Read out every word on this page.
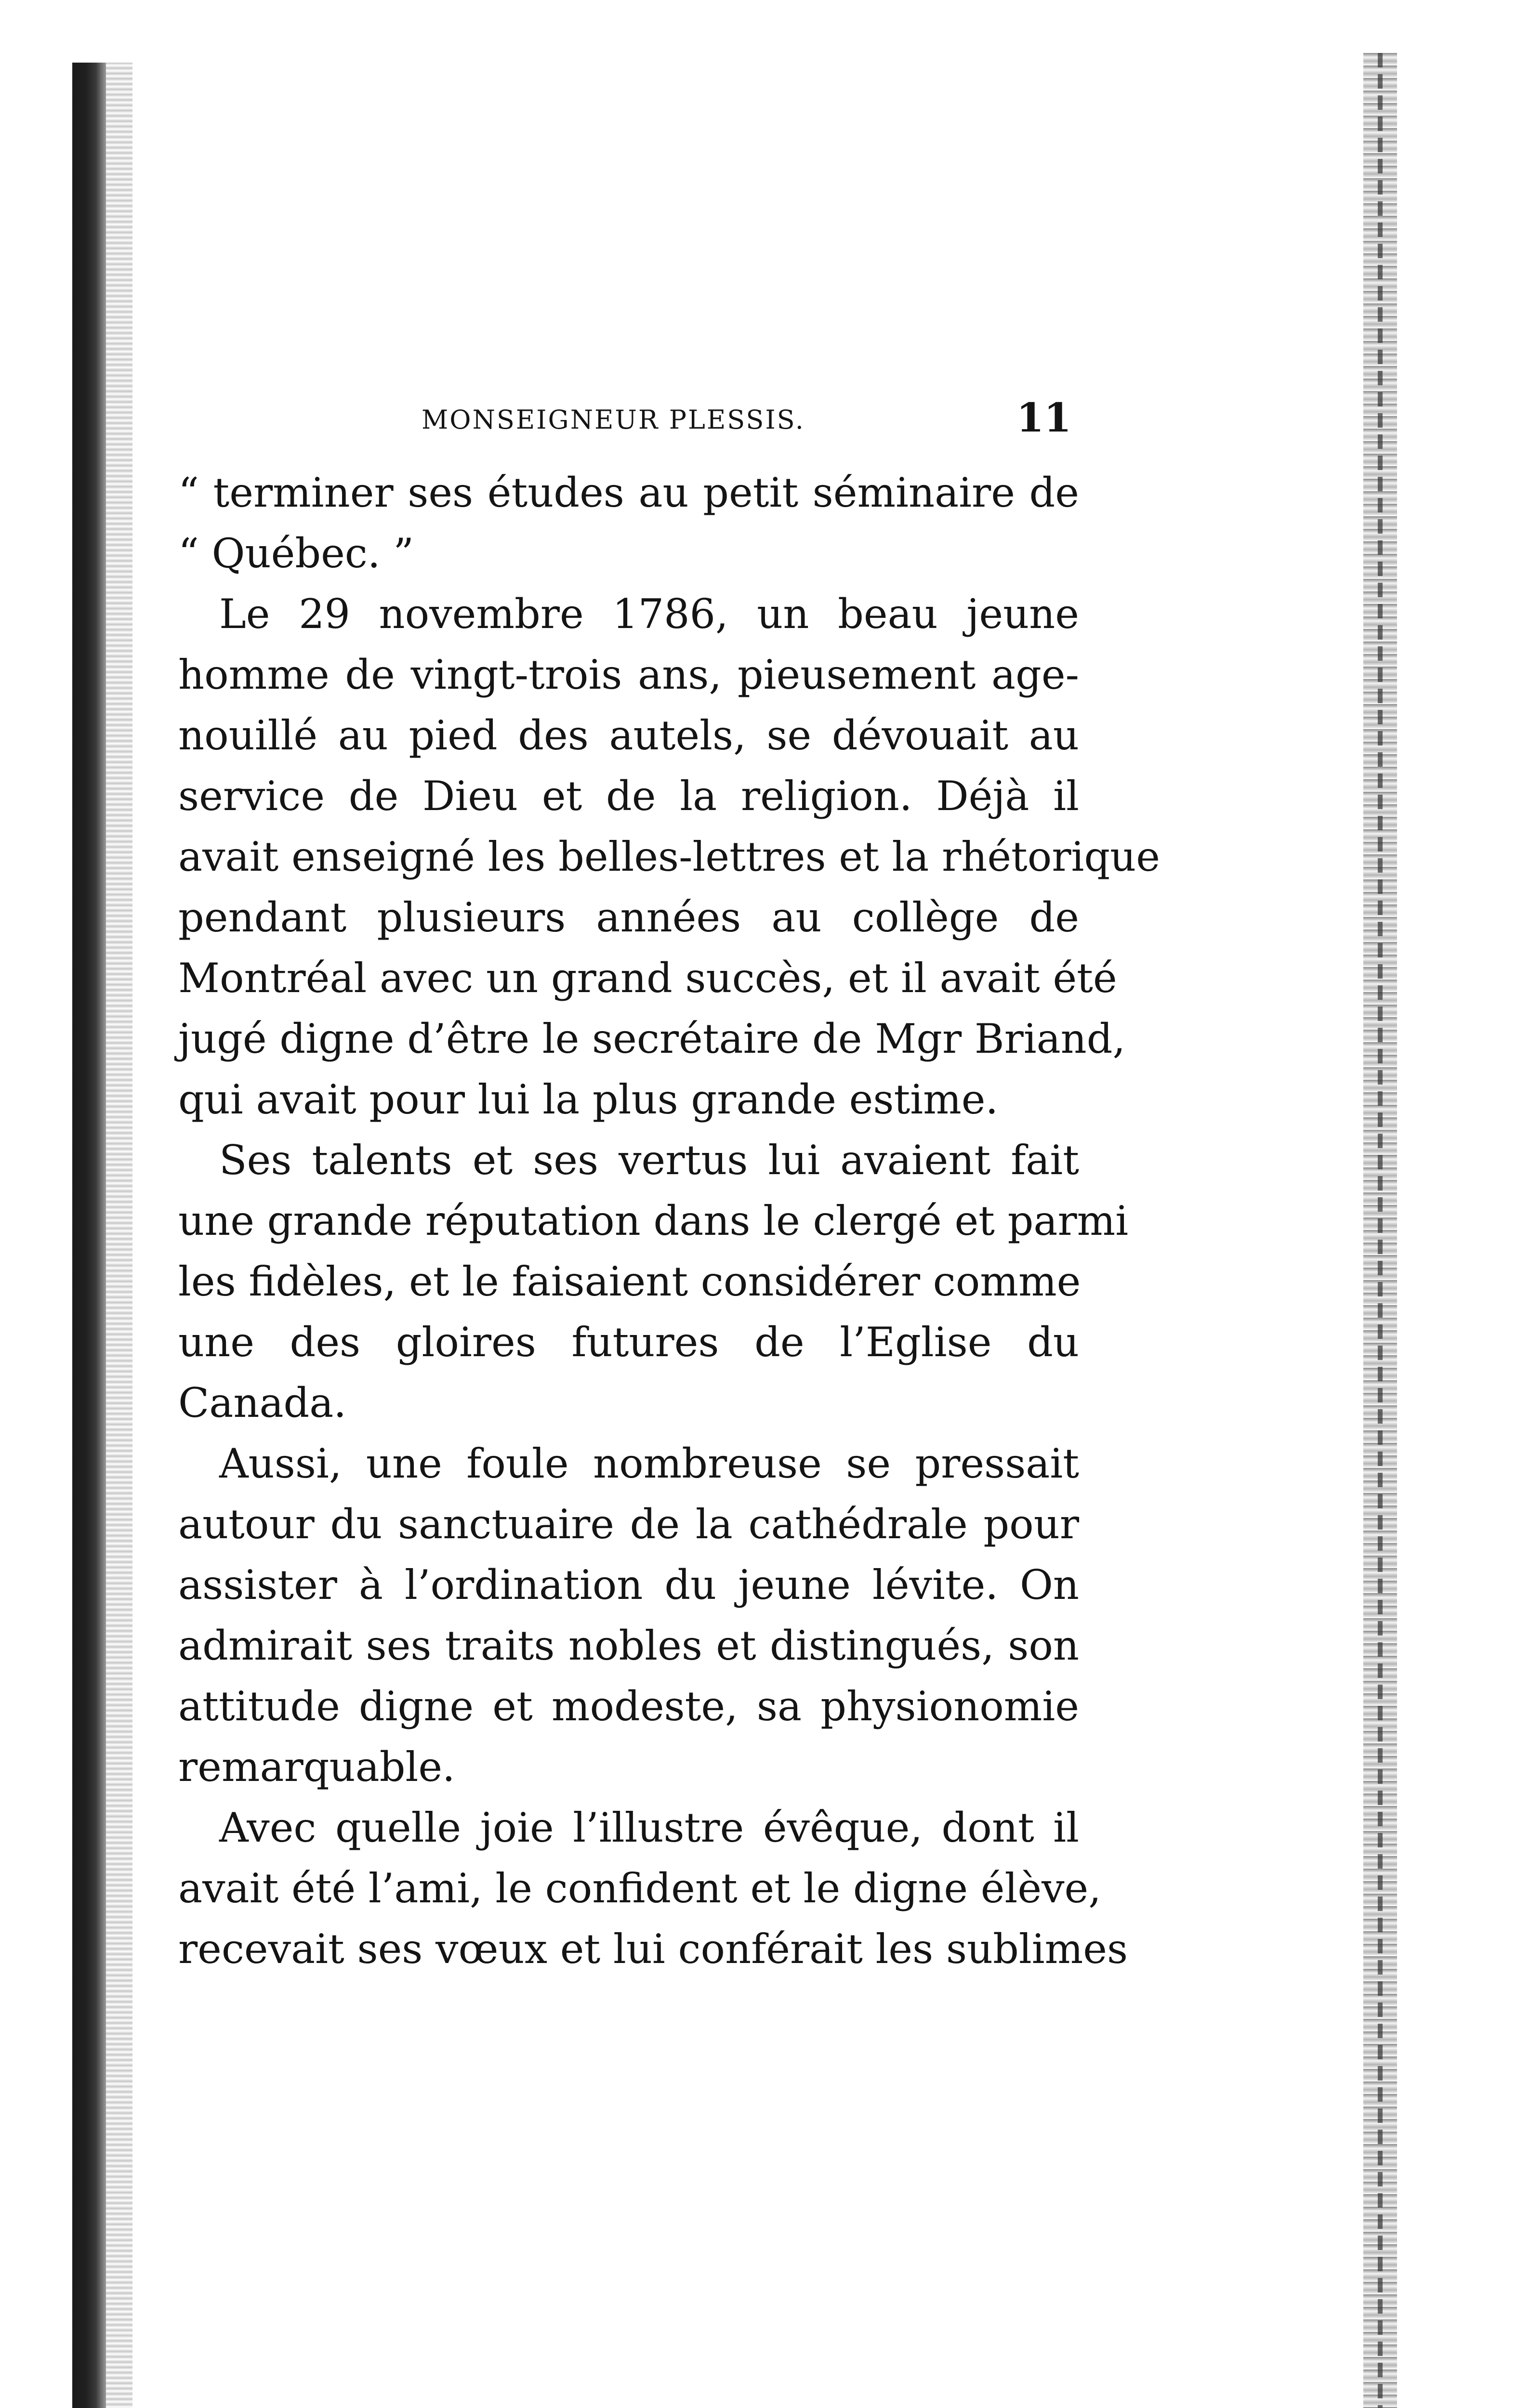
MONSEIGNEUR PLESSIS.	11
“ terminer ses études au petit séminaire de
“ Québec. ”
Le 29 novembre 1786, un beau jeune
homme de vingt-trois ans, pieusement age-
nouillé au pied des autels, se dévouait au
service de Dieu et de la religion. Déjà il
avait enseigné les belles-lettres et la rhétorique
pendant plusieurs années au collège de
Montréal avec un grand succès, et il avait été
jugé digne d’être le secrétaire de Mgr Briand,
qui avait pour lui la plus grande estime.
Ses talents et ses vertus lui avaient fait
une grande réputation dans le clergé et parmi
les fidèles, et le faisaient considérer comme
une des gloires futures de l’Eglise du
Canada.
Aussi, une foule nombreuse se pressait
autour du sanctuaire de la cathédrale pour
assister à l’ordination du jeune lévite. On
admirait ses traits nobles et distingués, son
attitude digne et modeste, sa physionomie
remarquable.
Avec quelle joie l’illustre évêque, dont il
avait été l’ami, le confident et le digne élève,
recevait ses vœux et lui conférait les sublimes
